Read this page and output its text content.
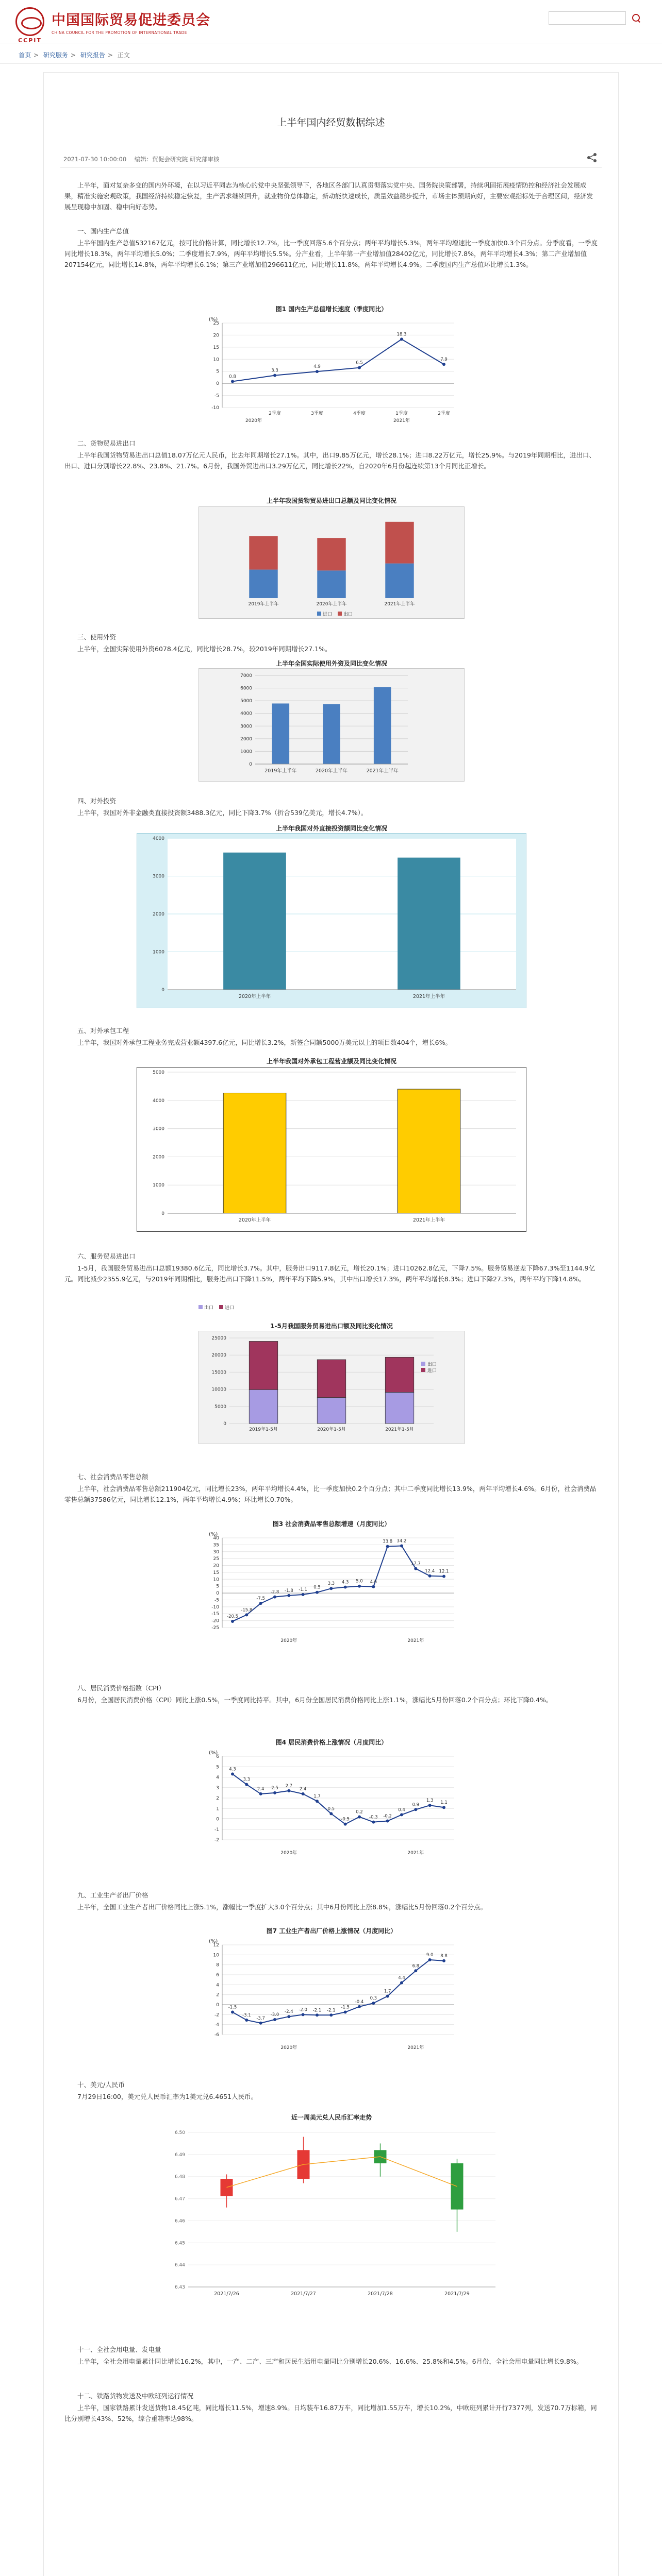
CCPIT
中国国际贸易促进委员会
CHINA COUNCIL FOR THE PROMOTION OF INTERNATIONAL TRADE
首页 > 研究服务 > 研究报告 > 正文
上半年国内经贸数据综述
2021-07-30 10:00:00 编辑：贸促会研究院 研究部审核
上半年，面对复杂多变的国内外环境，在以习近平同志为核心的党中央坚强领导下，各地区各部门认真贯彻落实党中央、国务院决策部署，持续巩固拓展疫情防控和经济社会发展成果，精准实施宏观政策，我国经济持续稳定恢复，生产需求继续回升，就业物价总体稳定，新动能快速成长，质量效益稳步提升，市场主体预期向好，主要宏观指标处于合理区间，经济发展呈现稳中加固、稳中向好态势。
一、国内生产总值
上半年国内生产总值532167亿元，按可比价格计算，同比增长12.7%，比一季度回落5.6个百分点；两年平均增长5.3%，两年平均增速比一季度加快0.3个百分点。分季度看，一季度同比增长18.3%，两年平均增长5.0%；二季度增长7.9%，两年平均增长5.5%。分产业看，上半年第一产业增加值28402亿元，同比增长7.8%，两年平均增长4.3%；第二产业增加值207154亿元，同比增长14.8%，两年平均增长6.1%；第三产业增加值296611亿元，同比增长11.8%，两年平均增长4.9%。二季度国内生产总值环比增长1.3%。
图1 国内生产总值增长速度（季度同比）
(%)
-10
-5
0
5
10
15
20
25
0.8
3.3
4.9
6.5
18.3
7.9
2季度	3季度	4季度	1季度	2季度
2020年	2021年
二、货物贸易进出口
上半年我国货物贸易进出口总值18.07万亿元人民币，比去年同期增长27.1%。其中，出口9.85万亿元，增长28.1%；进口8.22万亿元，增长25.9%。与2019年同期相比，进出口、出口、进口分别增长22.8%、23.8%、21.7%。6月份，我国外贸进出口3.29万亿元，同比增长22%，自2020年6月份起连续第13个月同比正增长。
上半年我国货物贸易进出口总额及同比变化情况
2019年上半年	2020年上半年	2021年上半年
进口 出口
三、使用外资
上半年，全国实际使用外资6078.4亿元，同比增长28.7%，较2019年同期增长27.1%。
上半年全国实际使用外资及同比变化情况
0
1000
2000
3000
4000
5000
6000
7000
2019年上半年	2020年上半年	2021年上半年
四、对外投资
上半年，我国对外非金融类直接投资额3488.3亿元，同比下降3.7%（折合539亿美元，增长4.7%）。
上半年我国对外直接投资额同比变化情况
0
1000
2000
3000
4000
2020年上半年	2021年上半年
五、对外承包工程
上半年，我国对外承包工程业务完成营业额4397.6亿元，同比增长3.2%，新签合同额5000万美元以上的项目数404个，增长6%。
上半年我国对外承包工程营业额及同比变化情况
0
1000
2000
3000
4000
5000
2020年上半年	2021年上半年
六、服务贸易进出口
1-5月，我国服务贸易进出口总额19380.6亿元，同比增长3.7%。其中，服务出口9117.8亿元，增长20.1%；进口10262.8亿元，下降7.5%。服务贸易逆差下降67.3%至1144.9亿元。同比减少2355.9亿元，与2019年同期相比，服务进出口下降11.5%，两年平均下降5.9%，其中出口增长17.3%，两年平均增长8.3%；进口下降27.3%，两年平均下降14.8%。
1-5月我国服务贸易进出口额及同比变化情况
0
5000
10000
15000
20000
25000
2019年1-5月	2020年1-5月	2021年1-5月
出口 进口
出口
进口
七、社会消费品零售总额
上半年，社会消费品零售总额211904亿元，同比增长23%，两年平均增长4.4%，比一季度加快0.2个百分点；其中二季度同比增长13.9%，两年平均增长4.6%。6月份，社会消费品零售总额37586亿元，同比增长12.1%，两年平均增长4.9%；环比增长0.70%。
图3 社会消费品零售总额增速（月度同比）
(%)
-25
-20
-15
-10
-5
0
5
10
15
20
25
30
35
40
-20.5
-15.8
-7.5
-2.8 -1.8 -1.1 0.5
3.3 4.3 5.0 4.6
33.8 34.2
17.7
12.4 12.1
2020年	2021年
八、居民消费价格指数（CPI）
6月份，全国居民消费价格（CPI）同比上涨0.5%，一季度同比持平。其中，6月份全国居民消费价格同比上涨1.1%，涨幅比5月份回落0.2个百分点；环比下降0.4%。
图4 居民消费价格上涨情况（月度同比）
(%)
-2
-1
0
1
2
3
4
5
6
4.3
3.3
2.4 2.5 2.7
2.4
1.7
0.5
-0.5
0.2
-0.3 -0.2
0.4
0.9
1.3 1.1
2020年	2021年
九、工业生产者出厂价格
上半年，全国工业生产者出厂价格同比上涨5.1%，涨幅比一季度扩大3.0个百分点；其中6月份同比上涨8.8%，涨幅比5月份回落0.2个百分点。
图7 工业生产者出厂价格上涨情况（月度同比）
(%)
-6
-4
-2
0
2
4
6
8
10
12
-1.5
-3.1
-3.7
-3.0
-2.4 -2.0 -2.1 -2.1
-1.5
-0.4
0.3
1.7
4.4
6.8
9.0 8.8
2020年	2021年
十、美元/人民币
7月29日16:00，美元兑人民币汇率为1美元兑6.4651人民币。
近一周美元兑人民币汇率走势
6.43
6.44
6.45
6.46
6.47
6.48
6.49
6.50
2021/7/26	2021/7/27	2021/7/28	2021/7/29
十一、全社会用电量、发电量
上半年，全社会用电量累计同比增长16.2%，其中，一产、二产、三产和居民生活用电量同比分别增长20.6%、16.6%、25.8%和4.5%。6月份，全社会用电量同比增长9.8%。
十二、铁路货物发送及中欧班列运行情况
上半年，国家铁路累计发送货物18.45亿吨，同比增长11.5%，增速8.9%。日均装车16.87万车，同比增加1.55万车，增长10.2%，中欧班列累计开行7377列，发送70.7万标箱，同比分别增长43%、52%，综合重箱率达98%。
